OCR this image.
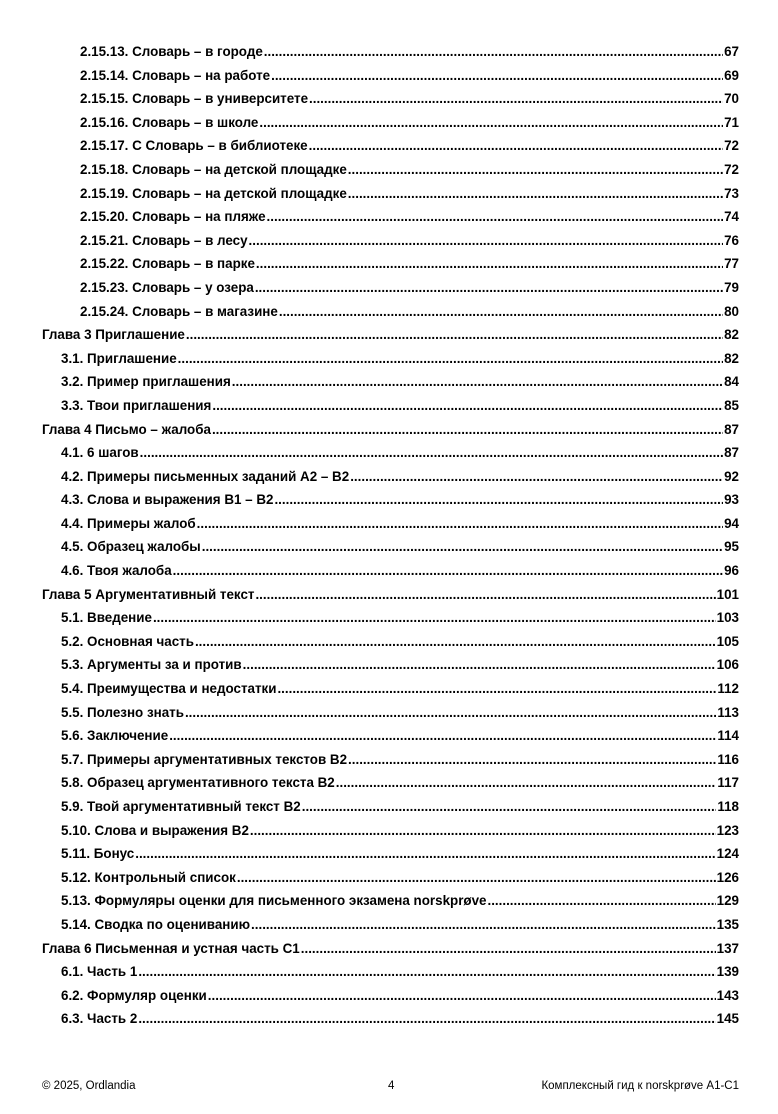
2.15.13. Словарь – в городе .....	67
2.15.14. Словарь – на работе .....	69
2.15.15. Словарь – в университете .....	70
2.15.16. Словарь – в школе .....	71
2.15.17. С Словарь – в библиотеке .....	72
2.15.18. Словарь – на детской площадке .....	72
2.15.19. Словарь – на детской площадке .....	73
2.15.20. Словарь – на пляже .....	74
2.15.21. Словарь – в лесу .....	76
2.15.22. Словарь – в парке .....	77
2.15.23. Словарь – у озера .....	79
2.15.24. Словарь – в магазине .....	80
Глава 3 Приглашение .....	82
3.1. Приглашение .....	82
3.2. Пример приглашения .....	84
3.3. Твои приглашения .....	85
Глава 4 Письмо – жалоба .....	87
4.1. 6 шагов .....	87
4.2. Примеры письменных заданий А2 – В2 .....	92
4.3. Слова и выражения В1 – В2 .....	93
4.4. Примеры жалоб .....	94
4.5. Образец жалобы .....	95
4.6. Твоя жалоба .....	96
Глава 5 Аргументативный текст .....	101
5.1. Введение .....	103
5.2. Основная часть .....	105
5.3. Аргументы за и против .....	106
5.4. Преимущества и недостатки .....	112
5.5. Полезно знать .....	113
5.6. Заключение .....	114
5.7. Примеры аргументативных текстов В2 .....	116
5.8. Образец аргументативного текста В2 .....	117
5.9. Твой аргументативный текст В2 .....	118
5.10. Слова и выражения В2 .....	123
5.11. Бонус .....	124
5.12. Контрольный список .....	126
5.13. Формуляры оценки для письменного экзамена norskprøve .....	129
5.14. Сводка по оцениванию .....	135
Глава 6 Письменная и устная часть С1 .....	137
6.1. Часть 1 .....	139
6.2. Формуляр оценки .....	143
6.3. Часть 2 .....	145
© 2025, Ordlandia	4	Комплексный гид к norskprøve А1-С1
